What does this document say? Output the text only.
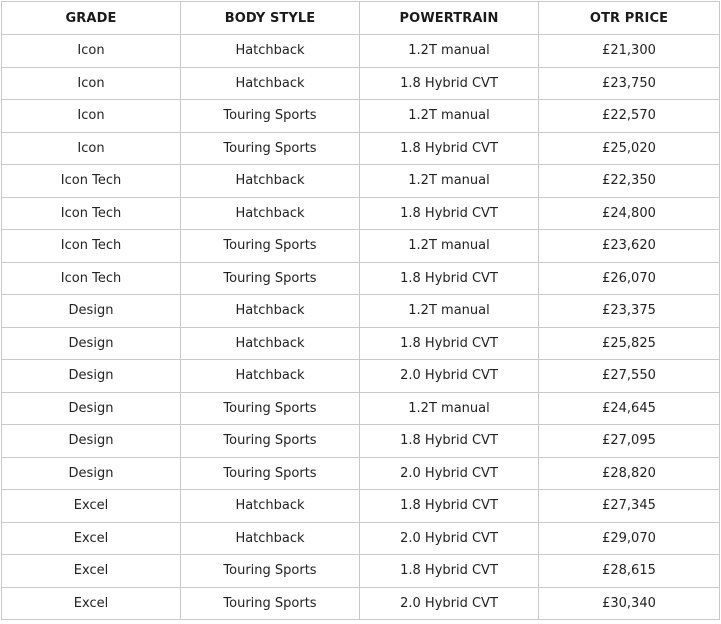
GRADE	BODY STYLE	POWERTRAIN	OTR PRICE
Icon	Hatchback	1.2T manual	£21,300
Icon	Hatchback	1.8 Hybrid CVT	£23,750
Icon	Touring Sports	1.2T manual	£22,570
Icon	Touring Sports	1.8 Hybrid CVT	£25,020
Icon Tech	Hatchback	1.2T manual	£22,350
Icon Tech	Hatchback	1.8 Hybrid CVT	£24,800
Icon Tech	Touring Sports	1.2T manual	£23,620
Icon Tech	Touring Sports	1.8 Hybrid CVT	£26,070
Design	Hatchback	1.2T manual	£23,375
Design	Hatchback	1.8 Hybrid CVT	£25,825
Design	Hatchback	2.0 Hybrid CVT	£27,550
Design	Touring Sports	1.2T manual	£24,645
Design	Touring Sports	1.8 Hybrid CVT	£27,095
Design	Touring Sports	2.0 Hybrid CVT	£28,820
Excel	Hatchback	1.8 Hybrid CVT	£27,345
Excel	Hatchback	2.0 Hybrid CVT	£29,070
Excel	Touring Sports	1.8 Hybrid CVT	£28,615
Excel	Touring Sports	2.0 Hybrid CVT	£30,340
